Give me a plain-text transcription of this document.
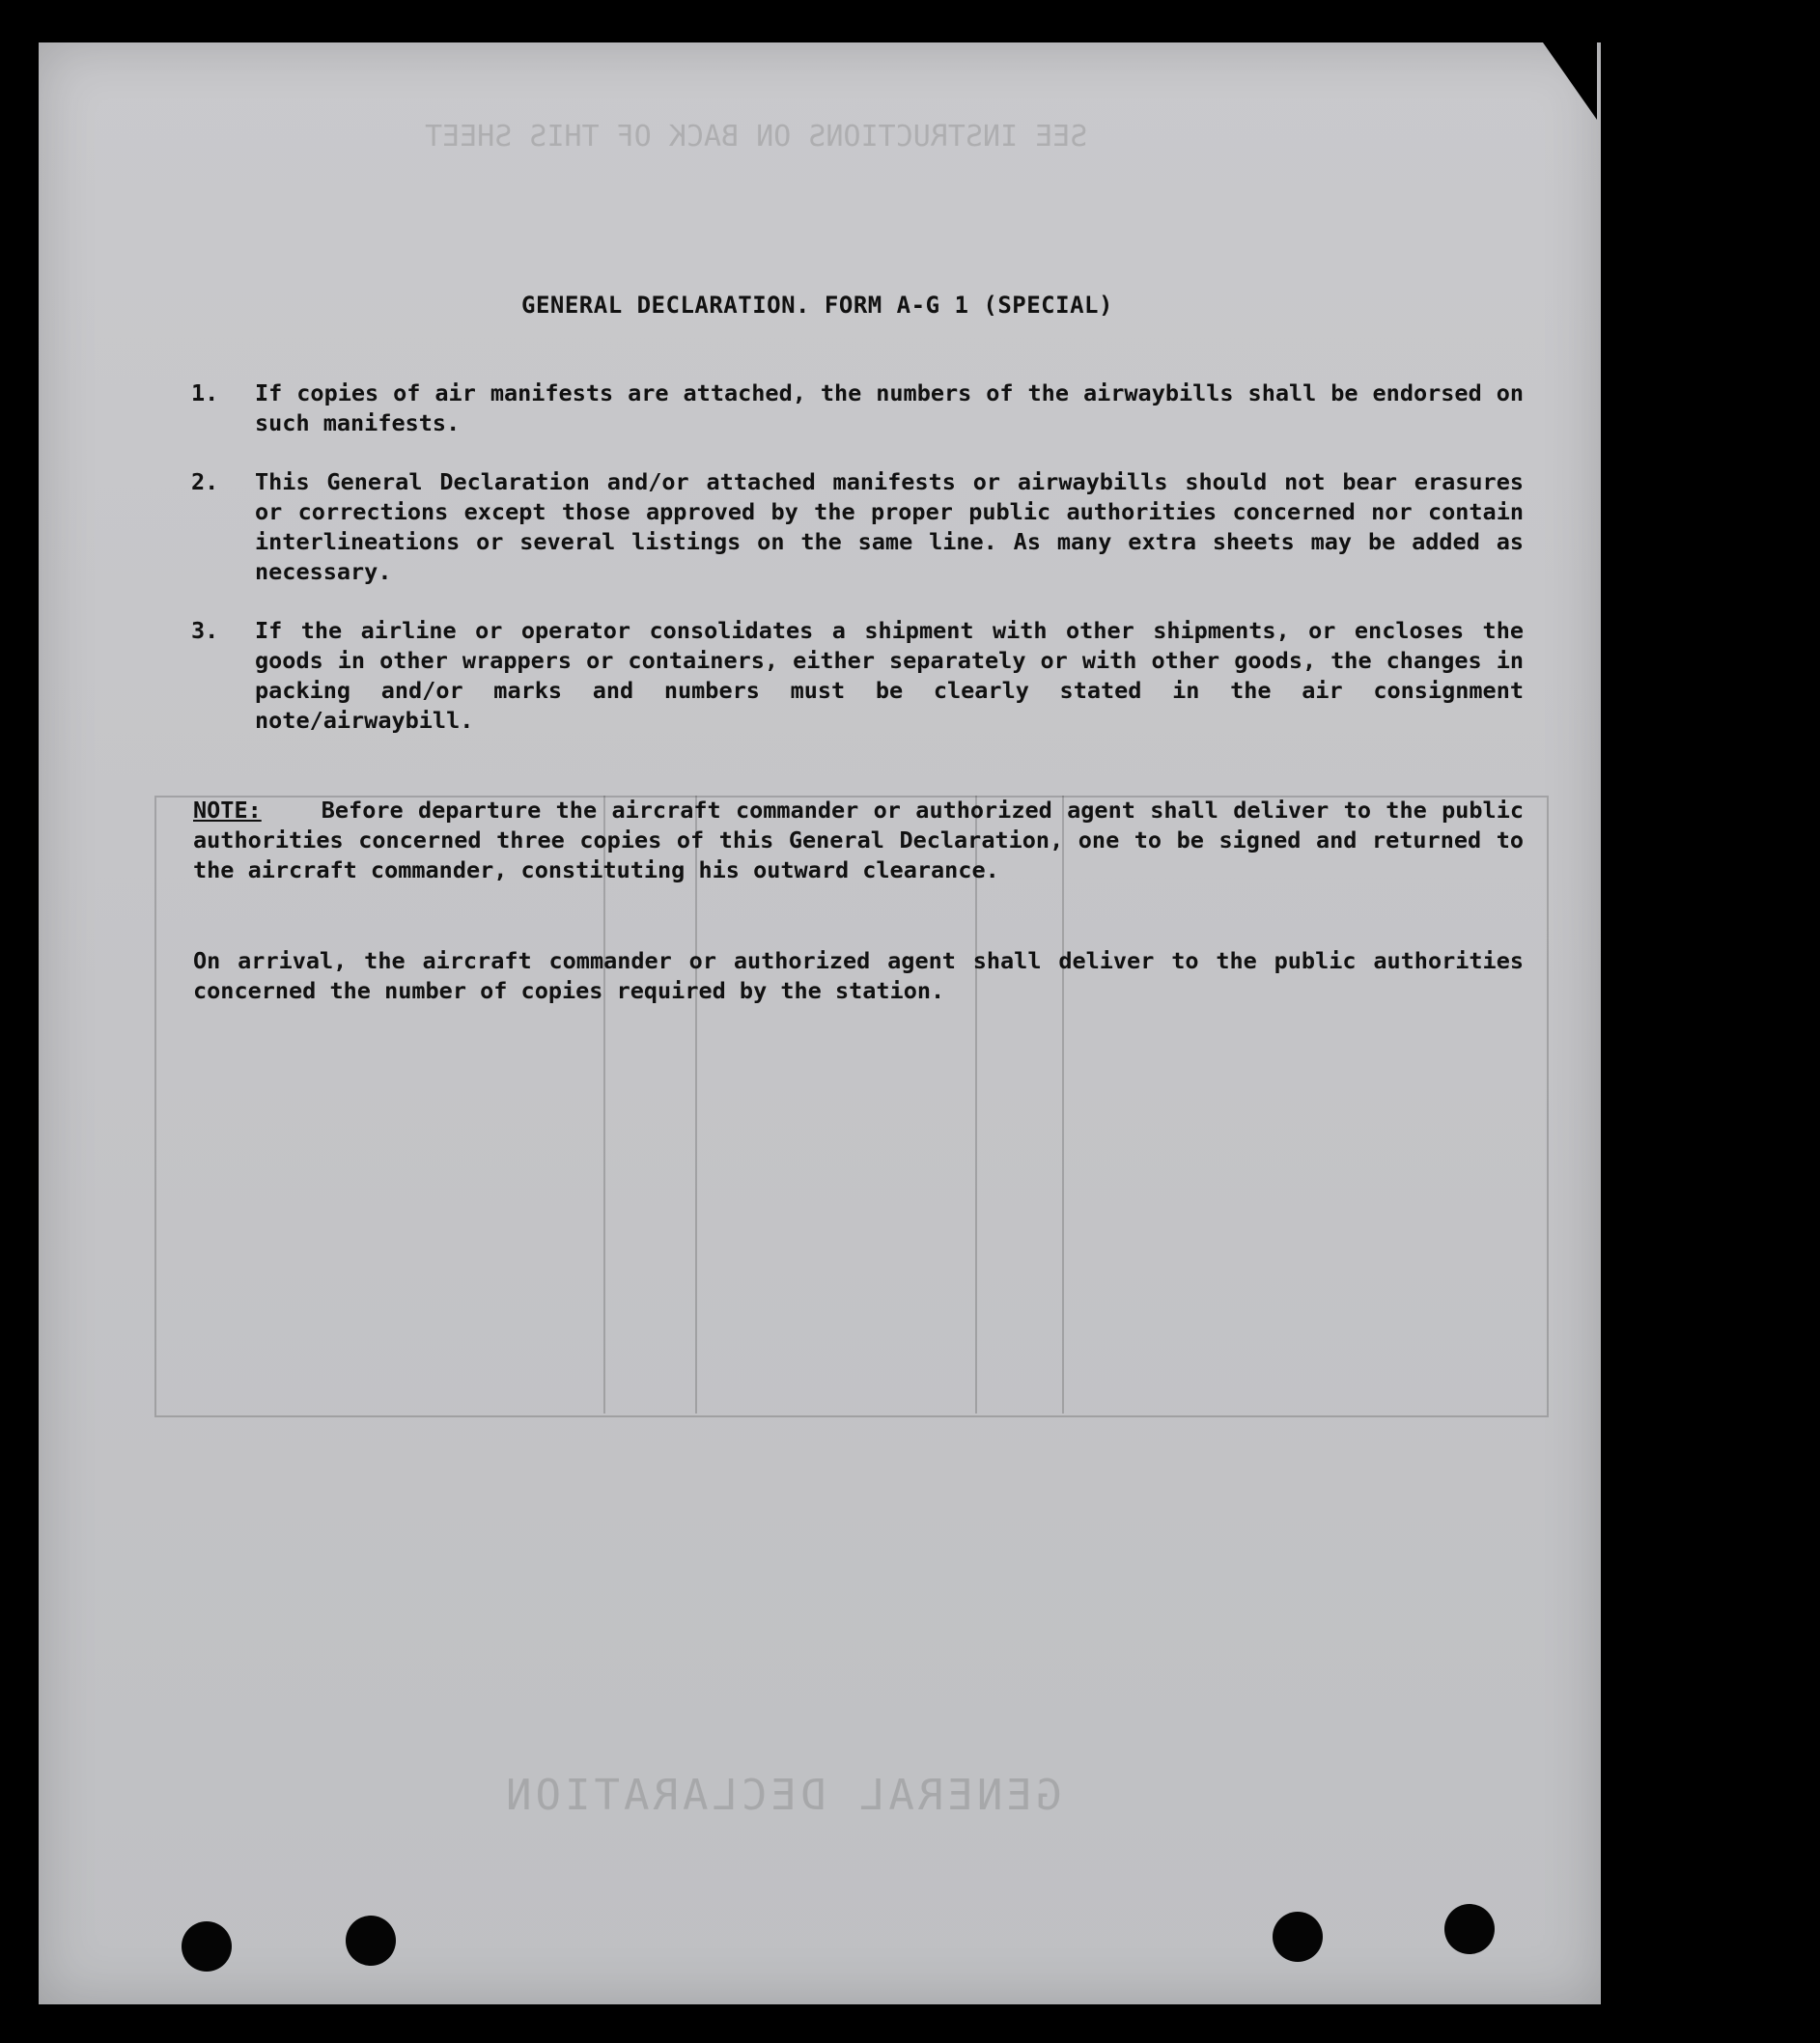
SEE INSTRUCTIONS ON BACK OF THIS SHEET
GENERAL DECLARATION
GENERAL DECLARATION. FORM A-G 1 (SPECIAL)
1. If copies of air manifests are attached, the numbers of the airwaybills shall be endorsed on such manifests.
2. This General Declaration and/or attached manifests or airwaybills should not bear erasures or corrections except those approved by the proper public authorities concerned nor contain interlineations or several listings on the same line. As many extra sheets may be added as necessary.
3. If the airline or operator consolidates a shipment with other shipments, or encloses the goods in other wrappers or containers, either separately or with other goods, the changes in packing and/or marks and numbers must be clearly stated in the air consignment note/airwaybill.
NOTE:	Before departure the aircraft commander or authorized agent shall deliver to the public authorities concerned three copies of this General Declaration, one to be signed and returned to the aircraft commander, constituting his outward clearance.
On arrival, the aircraft commander or authorized agent shall deliver to the public authorities concerned the number of copies required by the station.
